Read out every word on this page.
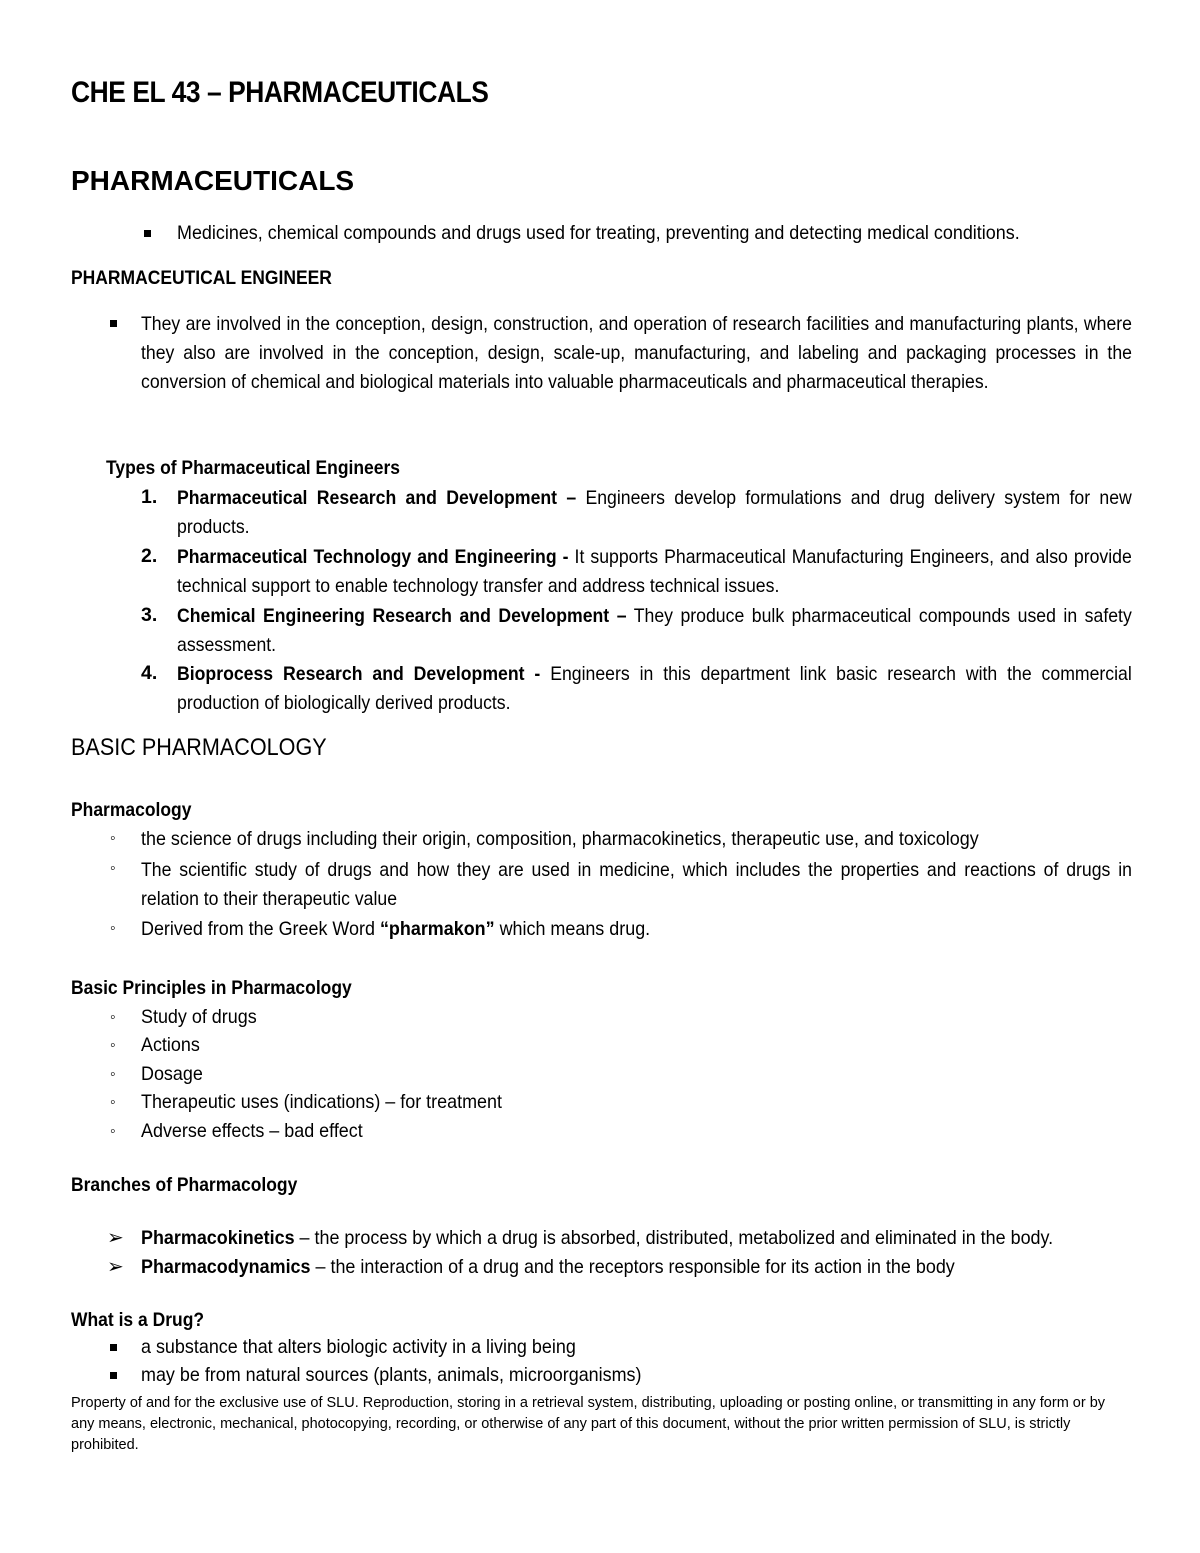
CHE EL 43 – PHARMACEUTICALS
PHARMACEUTICALS
Medicines, chemical compounds and drugs used for treating, preventing and detecting medical conditions.
PHARMACEUTICAL ENGINEER
They are involved in the conception, design, construction, and operation of research facilities and manufacturing plants, where they also are involved in the conception, design, scale-up, manufacturing, and labeling and packaging processes in the conversion of chemical and biological materials into valuable pharmaceuticals and pharmaceutical therapies.
Types of Pharmaceutical Engineers
1. Pharmaceutical Research and Development – Engineers develop formulations and drug delivery system for new products.
2. Pharmaceutical Technology and Engineering - It supports Pharmaceutical Manufacturing Engineers, and also provide technical support to enable technology transfer and address technical issues.
3. Chemical Engineering Research and Development – They produce bulk pharmaceutical compounds used in safety assessment.
4. Bioprocess Research and Development - Engineers in this department link basic research with the commercial production of biologically derived products.
BASIC PHARMACOLOGY
Pharmacology
◦ the science of drugs including their origin, composition, pharmacokinetics, therapeutic use, and toxicology
◦ The scientific study of drugs and how they are used in medicine, which includes the properties and reactions of drugs in relation to their therapeutic value
◦ Derived from the Greek Word “pharmakon” which means drug.
Basic Principles in Pharmacology
◦ Study of drugs
◦ Actions
◦ Dosage
◦ Therapeutic uses (indications) – for treatment
◦ Adverse effects – bad effect
Branches of Pharmacology
➢ Pharmacokinetics – the process by which a drug is absorbed, distributed, metabolized and eliminated in the body.
➢ Pharmacodynamics – the interaction of a drug and the receptors responsible for its action in the body
What is a Drug?
a substance that alters biologic activity in a living being
may be from natural sources (plants, animals, microorganisms)
Property of and for the exclusive use of SLU. Reproduction, storing in a retrieval system, distributing, uploading or posting online, or transmitting in any form or by any means, electronic, mechanical, photocopying, recording, or otherwise of any part of this document, without the prior written permission of SLU, is strictly prohibited.
